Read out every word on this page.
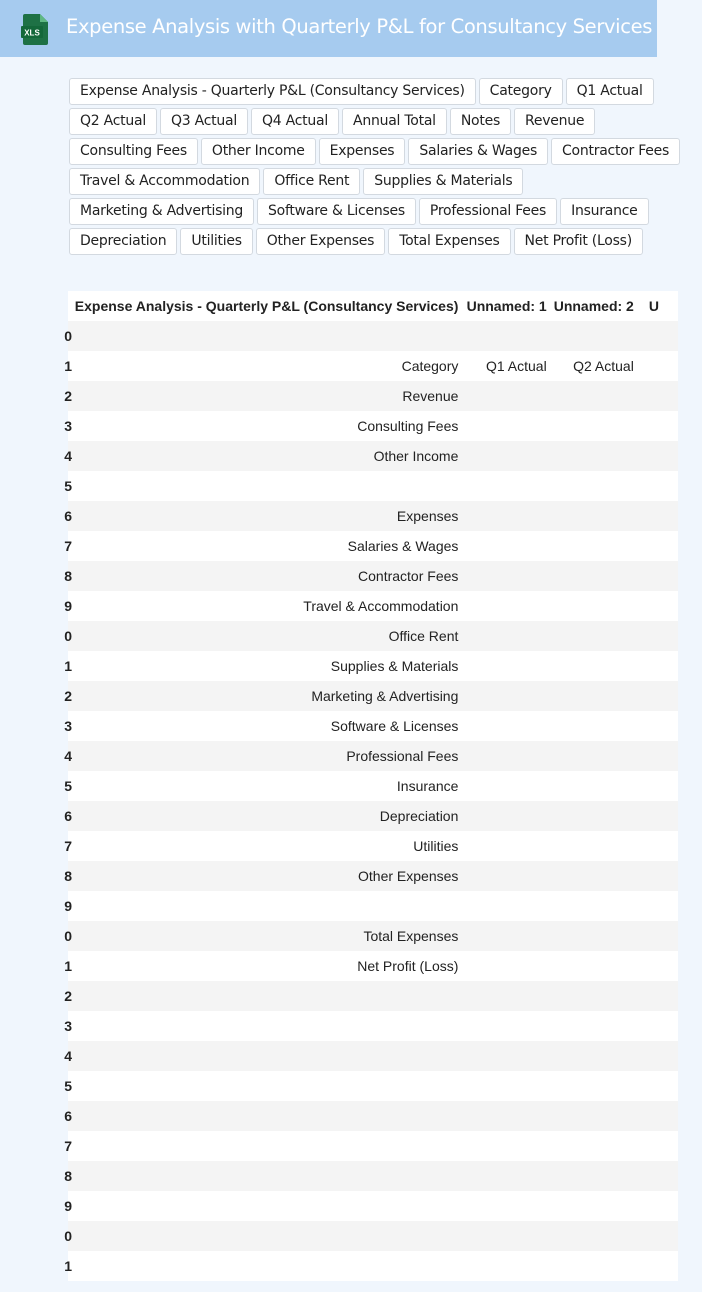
XLS Expense Analysis with Quarterly P&L for Consultancy Services
Expense Analysis - Quarterly P&L (Consultancy Services)	Category	Q1 Actual
Q2 Actual	Q3 Actual	Q4 Actual	Annual Total	Notes	Revenue
Consulting Fees	Other Income	Expenses	Salaries & Wages	Contractor Fees
Travel & Accommodation	Office Rent	Supplies & Materials
Marketing & Advertising	Software & Licenses	Professional Fees	Insurance
Depreciation	Utilities	Other Expenses	Total Expenses	Net Profit (Loss)
	Expense Analysis - Quarterly P&L (Consultancy Services)	Unnamed: 1	Unnamed: 2	U
0				
1	Category	Q1 Actual	Q2 Actual	
2	Revenue			
3	Consulting Fees			
4	Other Income			
5				
6	Expenses			
7	Salaries & Wages			
8	Contractor Fees			
9	Travel & Accommodation			
0	Office Rent			
1	Supplies & Materials			
2	Marketing & Advertising			
3	Software & Licenses			
4	Professional Fees			
5	Insurance			
6	Depreciation			
7	Utilities			
8	Other Expenses			
9				
0	Total Expenses			
1	Net Profit (Loss)			
2				
3				
4				
5				
6				
7				
8				
9				
0				
1				
